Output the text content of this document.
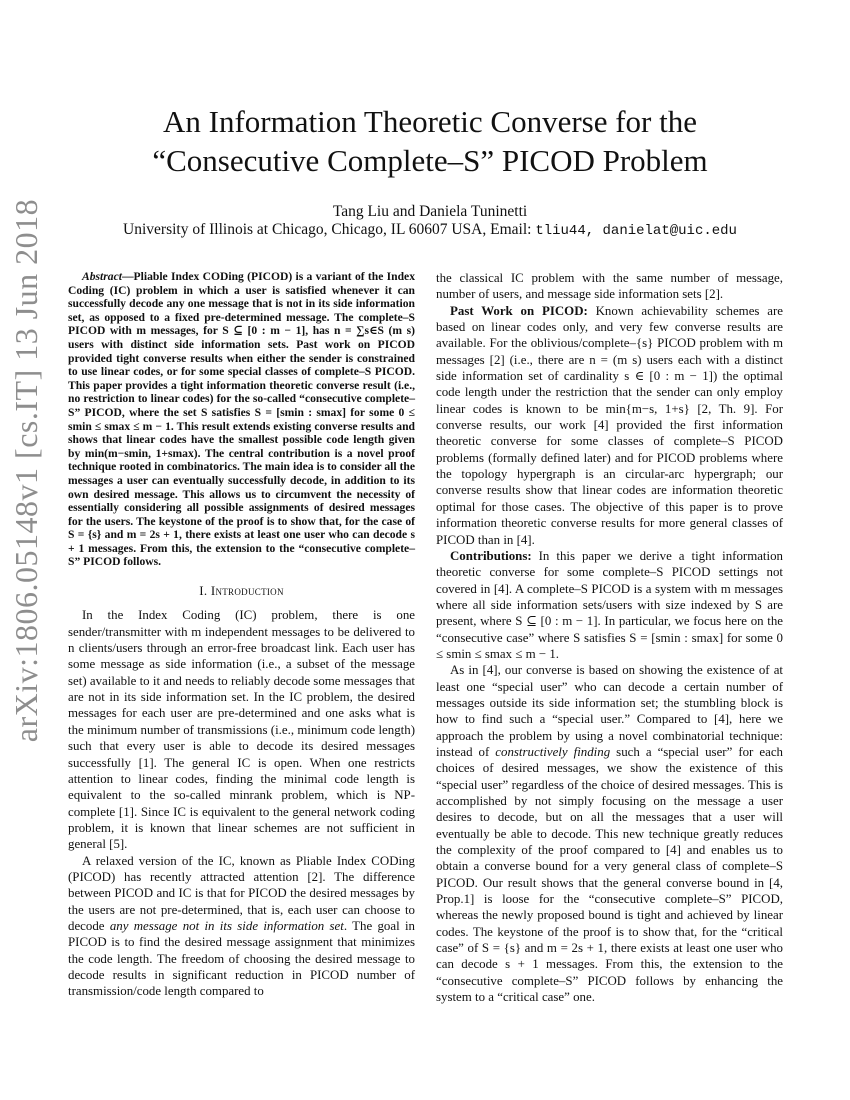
arXiv:1806.05148v1 [cs.IT] 13 Jun 2018
An Information Theoretic Converse for the
“Consecutive Complete–S” PICOD Problem
Tang Liu and Daniela Tuninetti
University of Illinois at Chicago, Chicago, IL 60607 USA, Email: tliu44, danielat@uic.edu

Abstract—Pliable Index CODing (PICOD) is a variant of the Index Coding (IC) problem in which a user is satisfied whenever it can successfully decode any one message that is not in its side information set, as opposed to a fixed pre-determined message. The complete–S PICOD with m messages, for S ⊆ [0 : m − 1], has n = ∑s∈S (m s) users with distinct side information sets. Past work on PICOD provided tight converse results when either the sender is constrained to use linear codes, or for some special classes of complete–S PICOD. This paper provides a tight information theoretic converse result (i.e., no restriction to linear codes) for the so-called “consecutive complete–S” PICOD, where the set S satisfies S = [smin : smax] for some 0 ≤ smin ≤ smax ≤ m − 1. This result extends existing converse results and shows that linear codes have the smallest possible code length given by min(m−smin, 1+smax). The central contribution is a novel proof technique rooted in combinatorics. The main idea is to consider all the messages a user can eventually successfully decode, in addition to its own desired message. This allows us to circumvent the necessity of essentially considering all possible assignments of desired messages for the users. The keystone of the proof is to show that, for the case of S = {s} and m = 2s + 1, there exists at least one user who can decode s + 1 messages. From this, the extension to the “consecutive complete–S” PICOD follows.

I. Introduction

In the Index Coding (IC) problem, there is one sender/transmitter with m independent messages to be delivered to n clients/users through an error-free broadcast link. Each user has some message as side information (i.e., a subset of the message set) available to it and needs to reliably decode some messages that are not in its side information set. In the IC problem, the desired messages for each user are pre-determined and one asks what is the minimum number of transmissions (i.e., minimum code length) such that every user is able to decode its desired messages successfully [1]. The general IC is open. When one restricts attention to linear codes, finding the minimal code length is equivalent to the so-called minrank problem, which is NP-complete [1]. Since IC is equivalent to the general network coding problem, it is known that linear schemes are not sufficient in general [5].

A relaxed version of the IC, known as Pliable Index CODing (PICOD) has recently attracted attention [2]. The difference between PICOD and IC is that for PICOD the desired messages by the users are not pre-determined, that is, each user can choose to decode any message not in its side information set. The goal in PICOD is to find the desired message assignment that minimizes the code length. The freedom of choosing the desired message to decode results in significant reduction in PICOD number of transmission/code length compared to

the classical IC problem with the same number of message, number of users, and message side information sets [2].

Past Work on PICOD: Known achievability schemes are based on linear codes only, and very few converse results are available. For the oblivious/complete–{s} PICOD problem with m messages [2] (i.e., there are n = (m s) users each with a distinct side information set of cardinality s ∈ [0 : m − 1]) the optimal code length under the restriction that the sender can only employ linear codes is known to be min{m−s, 1+s} [2, Th. 9]. For converse results, our work [4] provided the first information theoretic converse for some classes of complete–S PICOD problems (formally defined later) and for PICOD problems where the topology hypergraph is an circular-arc hypergraph; our converse results show that linear codes are information theoretic optimal for those cases. The objective of this paper is to prove information theoretic converse results for more general classes of PICOD than in [4].

Contributions: In this paper we derive a tight information theoretic converse for some complete–S PICOD settings not covered in [4]. A complete–S PICOD is a system with m messages where all side information sets/users with size indexed by S are present, where S ⊆ [0 : m − 1]. In particular, we focus here on the “consecutive case” where S satisfies S = [smin : smax] for some 0 ≤ smin ≤ smax ≤ m − 1.

As in [4], our converse is based on showing the existence of at least one “special user” who can decode a certain number of messages outside its side information set; the stumbling block is how to find such a “special user.” Compared to [4], here we approach the problem by using a novel combinatorial technique: instead of constructively finding such a “special user” for each choices of desired messages, we show the existence of this “special user” regardless of the choice of desired messages. This is accomplished by not simply focusing on the message a user desires to decode, but on all the messages that a user will eventually be able to decode. This new technique greatly reduces the complexity of the proof compared to [4] and enables us to obtain a converse bound for a very general class of complete–S PICOD. Our result shows that the general converse bound in [4, Prop.1] is loose for the “consecutive complete–S” PICOD, whereas the newly proposed bound is tight and achieved by linear codes. The keystone of the proof is to show that, for the “critical case” of S = {s} and m = 2s + 1, there exists at least one user who can decode s + 1 messages. From this, the extension to the “consecutive complete–S” PICOD follows by enhancing the system to a “critical case” one.
